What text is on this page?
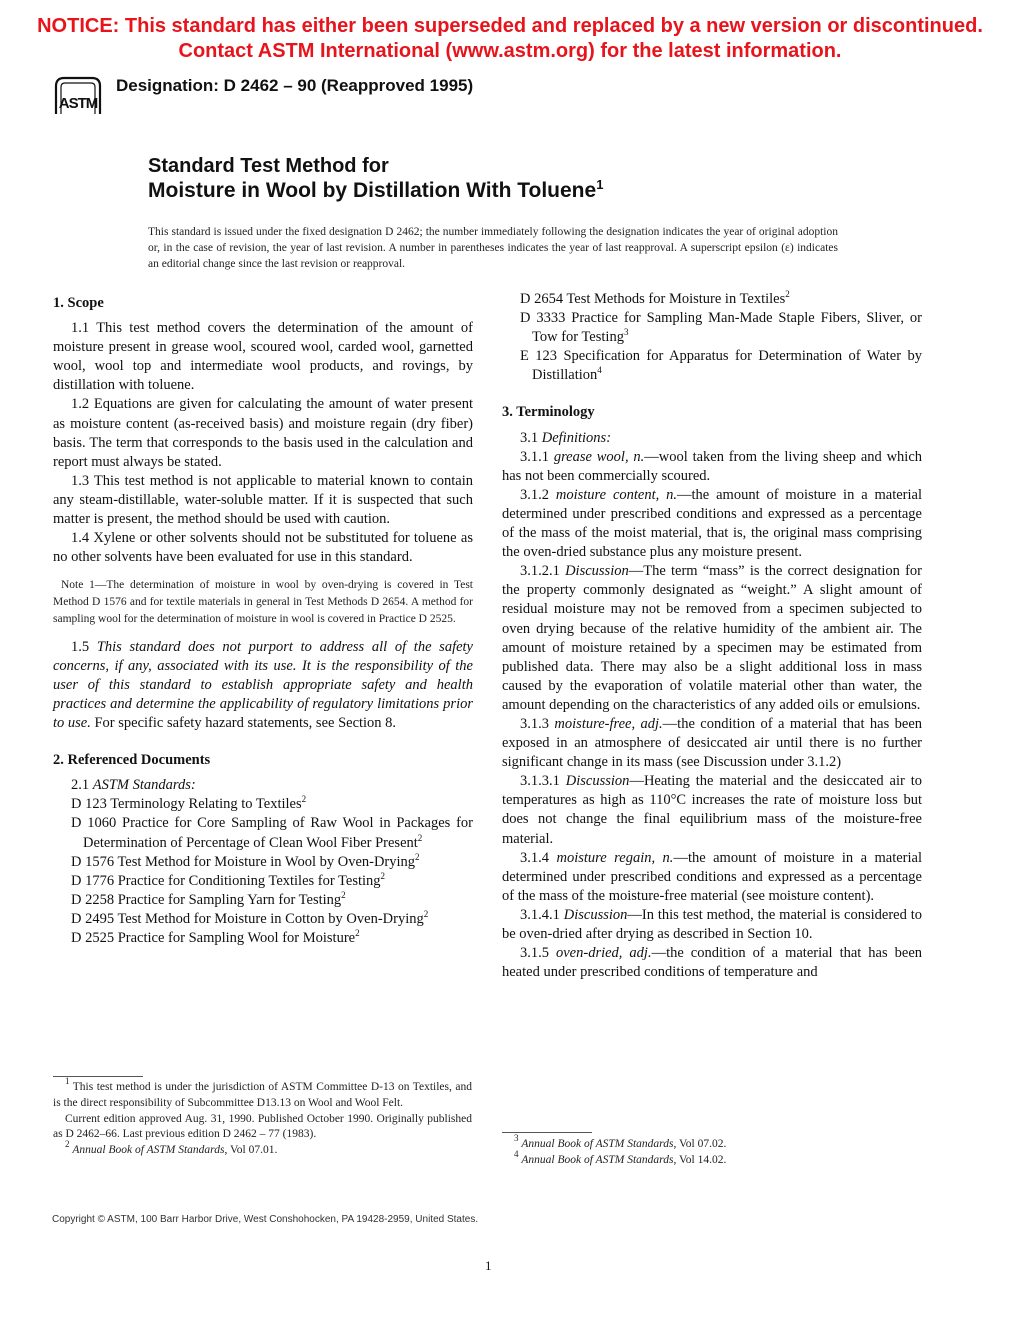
NOTICE: This standard has either been superseded and replaced by a new version or discontinued.
Contact ASTM International (www.astm.org) for the latest information.
ASTM
Designation: D 2462 – 90 (Reapproved 1995)
Standard Test Method for
Moisture in Wool by Distillation With Toluene$^1$
This standard is issued under the fixed designation D 2462; the number immediately following the designation indicates the year of original adoption or, in the case of revision, the year of last revision. A number in parentheses indicates the year of last reapproval. A superscript epsilon (ε) indicates an editorial change since the last revision or reapproval.
1. Scope

1.1 This test method covers the determination of the amount of moisture present in grease wool, scoured wool, carded wool, garnetted wool, wool top and intermediate wool products, and rovings, by distillation with toluene.

1.2 Equations are given for calculating the amount of water present as moisture content (as-received basis) and moisture regain (dry fiber) basis. The term that corresponds to the basis used in the calculation and report must always be stated.

1.3 This test method is not applicable to material known to contain any steam-distillable, water-soluble matter. If it is suspected that such matter is present, the method should be used with caution.

1.4 Xylene or other solvents should not be substituted for toluene as no other solvents have been evaluated for use in this standard.

Note 1—The determination of moisture in wool by oven-drying is covered in Test Method D 1576 and for textile materials in general in Test Methods D 2654. A method for sampling wool for the determination of moisture in wool is covered in Practice D 2525.

1.5 This standard does not purport to address all of the safety concerns, if any, associated with its use. It is the responsibility of the user of this standard to establish appropriate safety and health practices and determine the applicability of regulatory limitations prior to use. For specific safety hazard statements, see Section 8.

2. Referenced Documents

2.1 ASTM Standards:

D 123 Terminology Relating to Textiles$^2$
D 1060 Practice for Core Sampling of Raw Wool in Packages for Determination of Percentage of Clean Wool Fiber Present$^2$
D 1576 Test Method for Moisture in Wool by Oven-Drying$^2$
D 1776 Practice for Conditioning Textiles for Testing$^2$
D 2258 Practice for Sampling Yarn for Testing$^2$
D 2495 Test Method for Moisture in Cotton by Oven-Drying$^2$
D 2525 Practice for Sampling Wool for Moisture$^2$
D 2654 Test Methods for Moisture in Textiles$^2$
D 3333 Practice for Sampling Man-Made Staple Fibers, Sliver, or Tow for Testing$^3$
E 123 Specification for Apparatus for Determination of Water by Distillation$^4$
3. Terminology

3.1 Definitions:

3.1.1 grease wool, n.—wool taken from the living sheep and which has not been commercially scoured.

3.1.2 moisture content, n.—the amount of moisture in a material determined under prescribed conditions and expressed as a percentage of the mass of the moist material, that is, the original mass comprising the oven-dried substance plus any moisture present.

3.1.2.1 Discussion—The term “mass” is the correct designation for the property commonly designated as “weight.” A slight amount of residual moisture may not be removed from a specimen subjected to oven drying because of the relative humidity of the ambient air. The amount of moisture retained by a specimen may be estimated from published data. There may also be a slight additional loss in mass caused by the evaporation of volatile material other than water, the amount depending on the characteristics of any added oils or emulsions.

3.1.3 moisture-free, adj.—the condition of a material that has been exposed in an atmosphere of desiccated air until there is no further significant change in its mass (see Discussion under 3.1.2)

3.1.3.1 Discussion—Heating the material and the desiccated air to temperatures as high as 110°C increases the rate of moisture loss but does not change the final equilibrium mass of the moisture-free material.

3.1.4 moisture regain, n.—the amount of moisture in a material determined under prescribed conditions and expressed as a percentage of the mass of the moisture-free material (see moisture content).

3.1.4.1 Discussion—In this test method, the material is considered to be oven-dried after drying as described in Section 10.

3.1.5 oven-dried, adj.—the condition of a material that has been heated under prescribed conditions of temperature and

$^1$ This test method is under the jurisdiction of ASTM Committee D-13 on Textiles, and is the direct responsibility of Subcommittee D13.13 on Wool and Wool Felt.

Current edition approved Aug. 31, 1990. Published October 1990. Originally published as D 2462–66. Last previous edition D 2462 – 77 (1983).

$^2$ Annual Book of ASTM Standards, Vol 07.01.

$^3$ Annual Book of ASTM Standards, Vol 07.02.

$^4$ Annual Book of ASTM Standards, Vol 14.02.

Copyright © ASTM, 100 Barr Harbor Drive, West Conshohocken, PA 19428-2959, United States.
1
